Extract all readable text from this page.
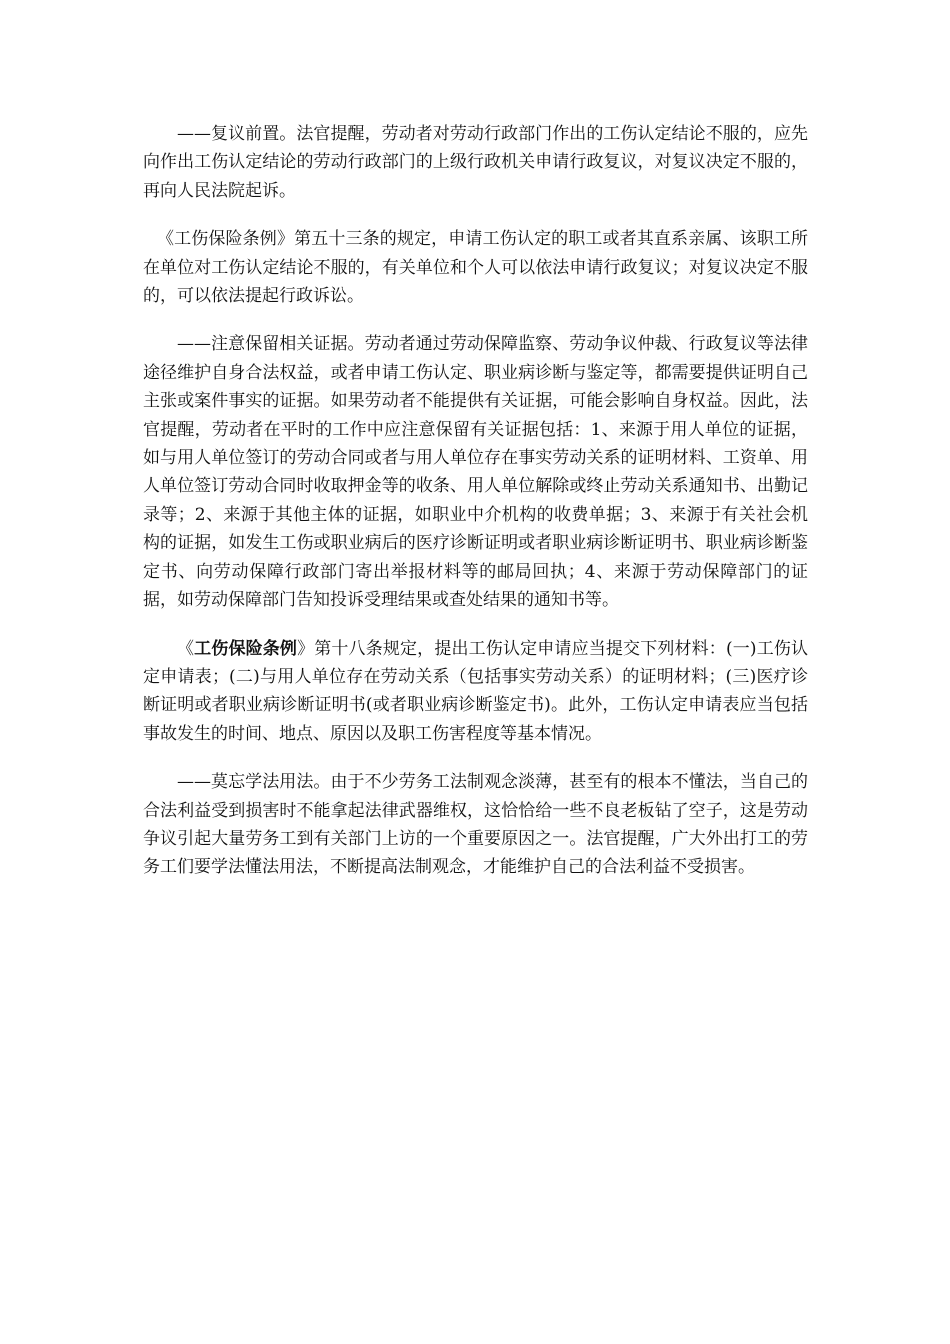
——复议前置。法官提醒，劳动者对劳动行政部门作出的工伤认定结论不服的，应先向作出工伤认定结论的劳动行政部门的上级行政机关申请行政复议，对复议决定不服的，再向人民法院起诉。

《工伤保险条例》第五十三条的规定，申请工伤认定的职工或者其直系亲属、该职工所在单位对工伤认定结论不服的，有关单位和个人可以依法申请行政复议；对复议决定不服的，可以依法提起行政诉讼。

——注意保留相关证据。劳动者通过劳动保障监察、劳动争议仲裁、行政复议等法律途径维护自身合法权益，或者申请工伤认定、职业病诊断与鉴定等，都需要提供证明自己主张或案件事实的证据。如果劳动者不能提供有关证据，可能会影响自身权益。因此，法官提醒，劳动者在平时的工作中应注意保留有关证据包括：1、来源于用人单位的证据，如与用人单位签订的劳动合同或者与用人单位存在事实劳动关系的证明材料、工资单、用人单位签订劳动合同时收取押金等的收条、用人单位解除或终止劳动关系通知书、出勤记录等；2、来源于其他主体的证据，如职业中介机构的收费单据；3、来源于有关社会机构的证据，如发生工伤或职业病后的医疗诊断证明或者职业病诊断证明书、职业病诊断鉴定书、向劳动保障行政部门寄出举报材料等的邮局回执；4、来源于劳动保障部门的证据，如劳动保障部门告知投诉受理结果或查处结果的通知书等。

《工伤保险条例》第十八条规定，提出工伤认定申请应当提交下列材料：(一)工伤认定申请表；(二)与用人单位存在劳动关系（包括事实劳动关系）的证明材料；(三)医疗诊断证明或者职业病诊断证明书(或者职业病诊断鉴定书)。此外，工伤认定申请表应当包括事故发生的时间、地点、原因以及职工伤害程度等基本情况。

——莫忘学法用法。由于不少劳务工法制观念淡薄，甚至有的根本不懂法，当自己的合法利益受到损害时不能拿起法律武器维权，这恰恰给一些不良老板钻了空子，这是劳动争议引起大量劳务工到有关部门上访的一个重要原因之一。法官提醒，广大外出打工的劳务工们要学法懂法用法，不断提高法制观念，才能维护自己的合法利益不受损害。
